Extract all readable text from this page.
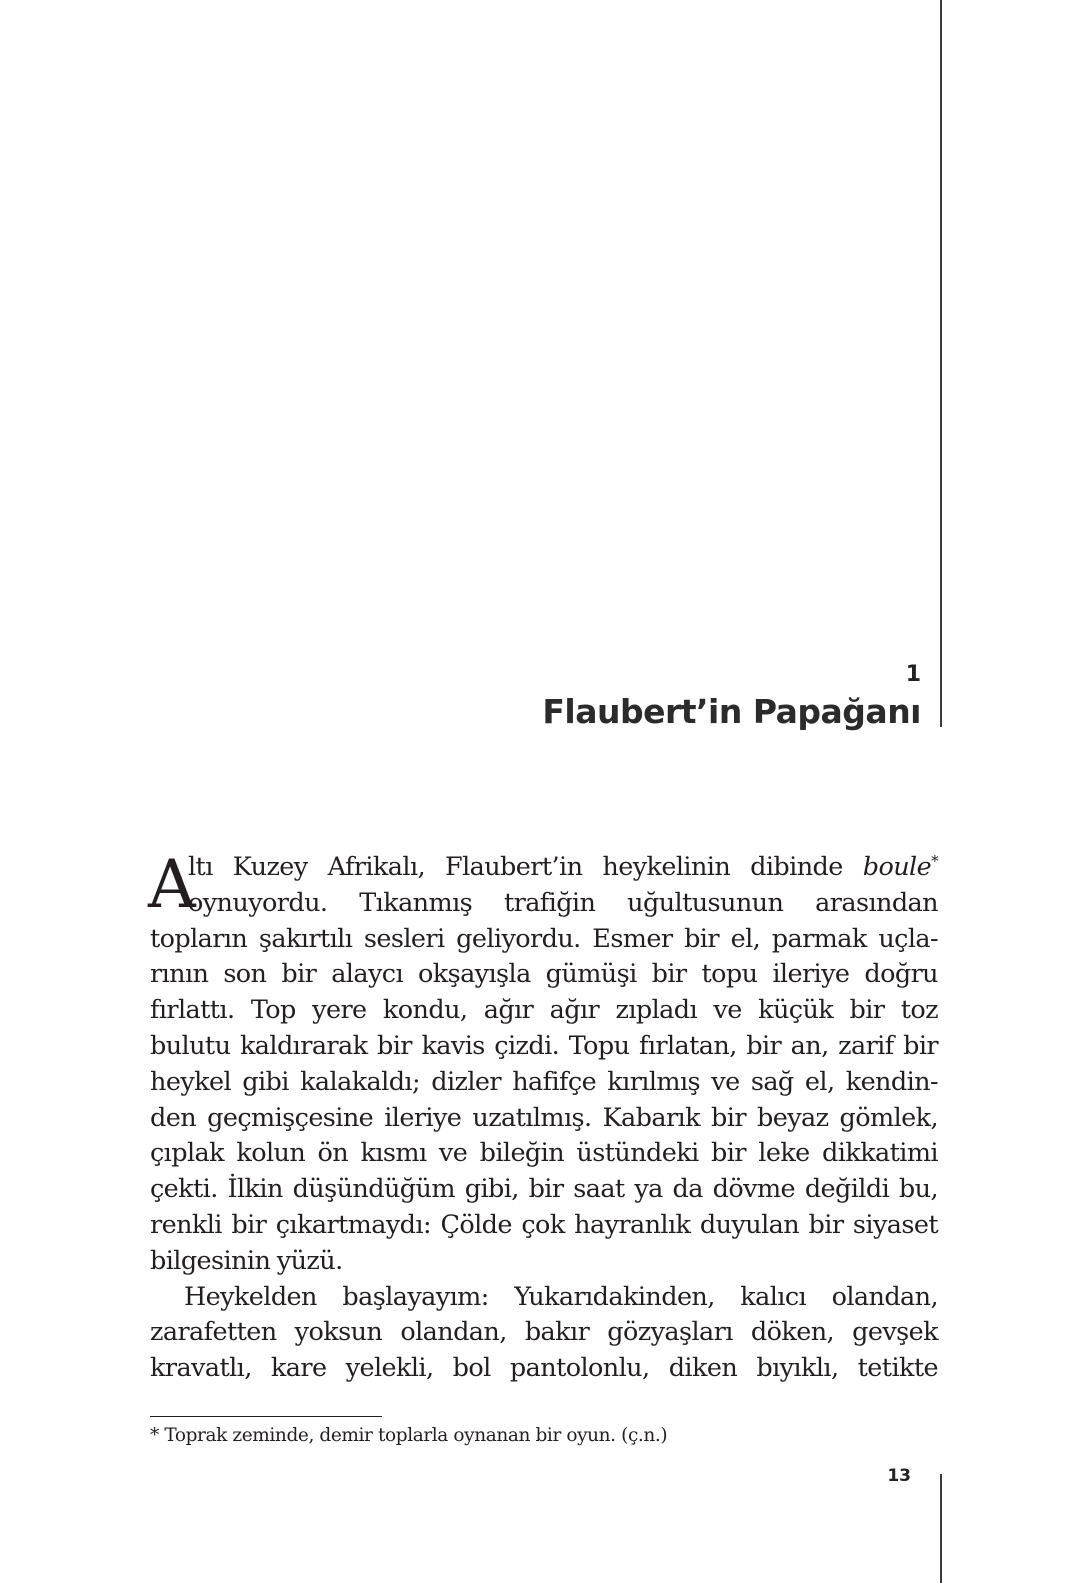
1
Flaubert’in Papağanı
A
ltı Kuzey Afrikalı, Flaubert’in heykelinin dibinde boule*
oynuyordu. Tıkanmış trafiğin uğultusunun arasından
topların şakırtılı sesleri geliyordu. Esmer bir el, parmak uçla-
rının son bir alaycı okşayışla gümüşi bir topu ileriye doğru
fırlattı. Top yere kondu, ağır ağır zıpladı ve küçük bir toz
bulutu kaldırarak bir kavis çizdi. Topu fırlatan, bir an, zarif bir
heykel gibi kalakaldı; dizler hafifçe kırılmış ve sağ el, kendin-
den geçmişçesine ileriye uzatılmış. Kabarık bir beyaz gömlek,
çıplak kolun ön kısmı ve bileğin üstündeki bir leke dikkatimi
çekti. İlkin düşündüğüm gibi, bir saat ya da dövme değildi bu,
renkli bir çıkartmaydı: Çölde çok hayranlık duyulan bir siyaset
bilgesinin yüzü.
Heykelden başlayayım: Yukarıdakinden, kalıcı olandan,
zarafetten yoksun olandan, bakır gözyaşları döken, gevşek
kravatlı, kare yelekli, bol pantolonlu, diken bıyıklı, tetikte
* Toprak zeminde, demir toplarla oynanan bir oyun. (ç.n.)
13
